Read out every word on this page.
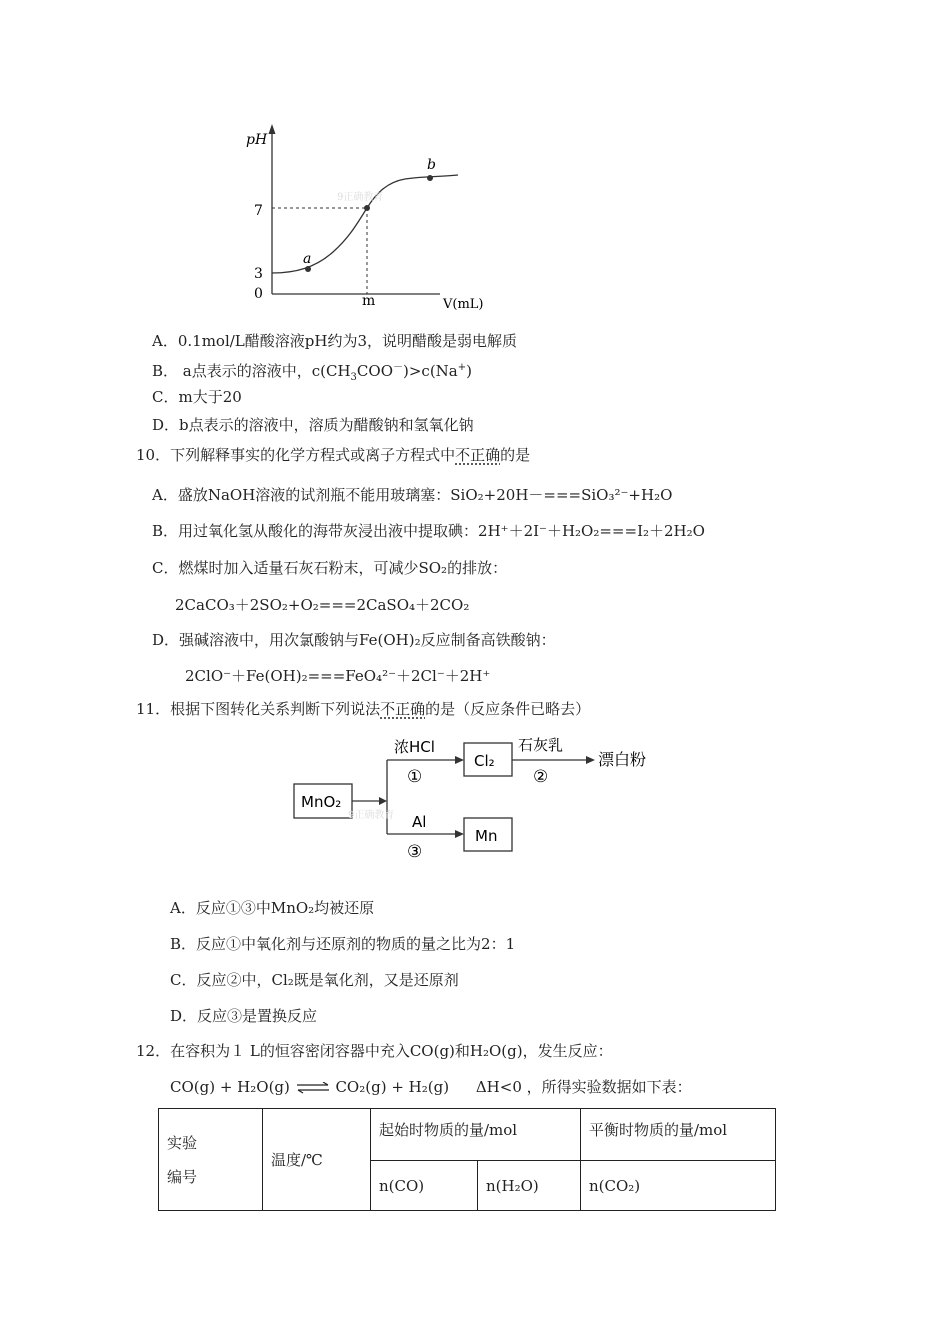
pH
V(mL)
7
3
0	m
a
b
9正确教育
A．0.1mol/L醋酸溶液pH约为3，说明醋酸是弱电解质
B． a点表示的溶液中，$c(CH_3COO^-)>c(Na^+)$
C．m大于20
D．b点表示的溶液中，溶质为醋酸钠和氢氧化钠
10．下列解释事实的化学方程式或离子方程式中不正确的是
A．盛放NaOH溶液的试剂瓶不能用玻璃塞：SiO₂+20H－===SiO₃²⁻+H₂O
B．用过氧化氢从酸化的海带灰浸出液中提取碘：2H⁺＋2I⁻＋H₂O₂===I₂＋2H₂O
C．燃煤时加入适量石灰石粉末，可减少SO₂的排放：
2CaCO₃＋2SO₂+O₂===2CaSO₄＋2CO₂
D．强碱溶液中，用次氯酸钠与Fe(OH)₂反应制备高铁酸钠：
2ClO⁻＋Fe(OH)₂===FeO₄²⁻＋2Cl⁻＋2H⁺
11．根据下图转化关系判断下列说法不正确的是（反应条件已略去）
MnO₂
浓HCl
①
Cl₂
石灰乳
②
漂白粉
Al
③
Mn
9正确教育
A．反应①③中MnO₂均被还原
B．反应①中氧化剂与还原剂的物质的量之比为2：1
C．反应②中，Cl₂既是氧化剂，又是还原剂
D．反应③是置换反应
12．在容积为１ L的恒容密闭容器中充入CO(g)和H₂O(g)，发生反应：
CO(g) + H₂O(g) ⇌ CO₂(g) + H₂(g) ΔH<0 ，所得实验数据如下表：
实验
编号	温度/℃	起始时物质的量/mol		平衡时物质的量/mol
		n(CO)	n(H₂O)	n(CO₂)
